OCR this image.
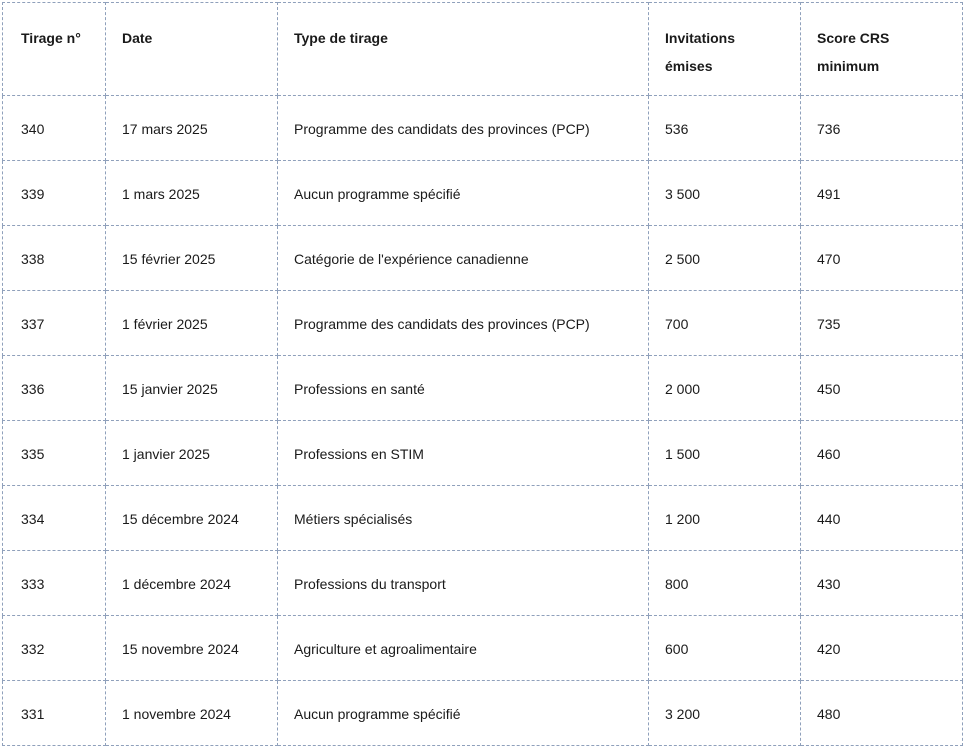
Tirage n°	Date	Type de tirage	Invitations émises	Score CRS minimum
340	17 mars 2025	Programme des candidats des provinces (PCP)	536	736
339	1 mars 2025	Aucun programme spécifié	3 500	491
338	15 février 2025	Catégorie de l'expérience canadienne	2 500	470
337	1 février 2025	Programme des candidats des provinces (PCP)	700	735
336	15 janvier 2025	Professions en santé	2 000	450
335	1 janvier 2025	Professions en STIM	1 500	460
334	15 décembre 2024	Métiers spécialisés	1 200	440
333	1 décembre 2024	Professions du transport	800	430
332	15 novembre 2024	Agriculture et agroalimentaire	600	420
331	1 novembre 2024	Aucun programme spécifié	3 200	480
